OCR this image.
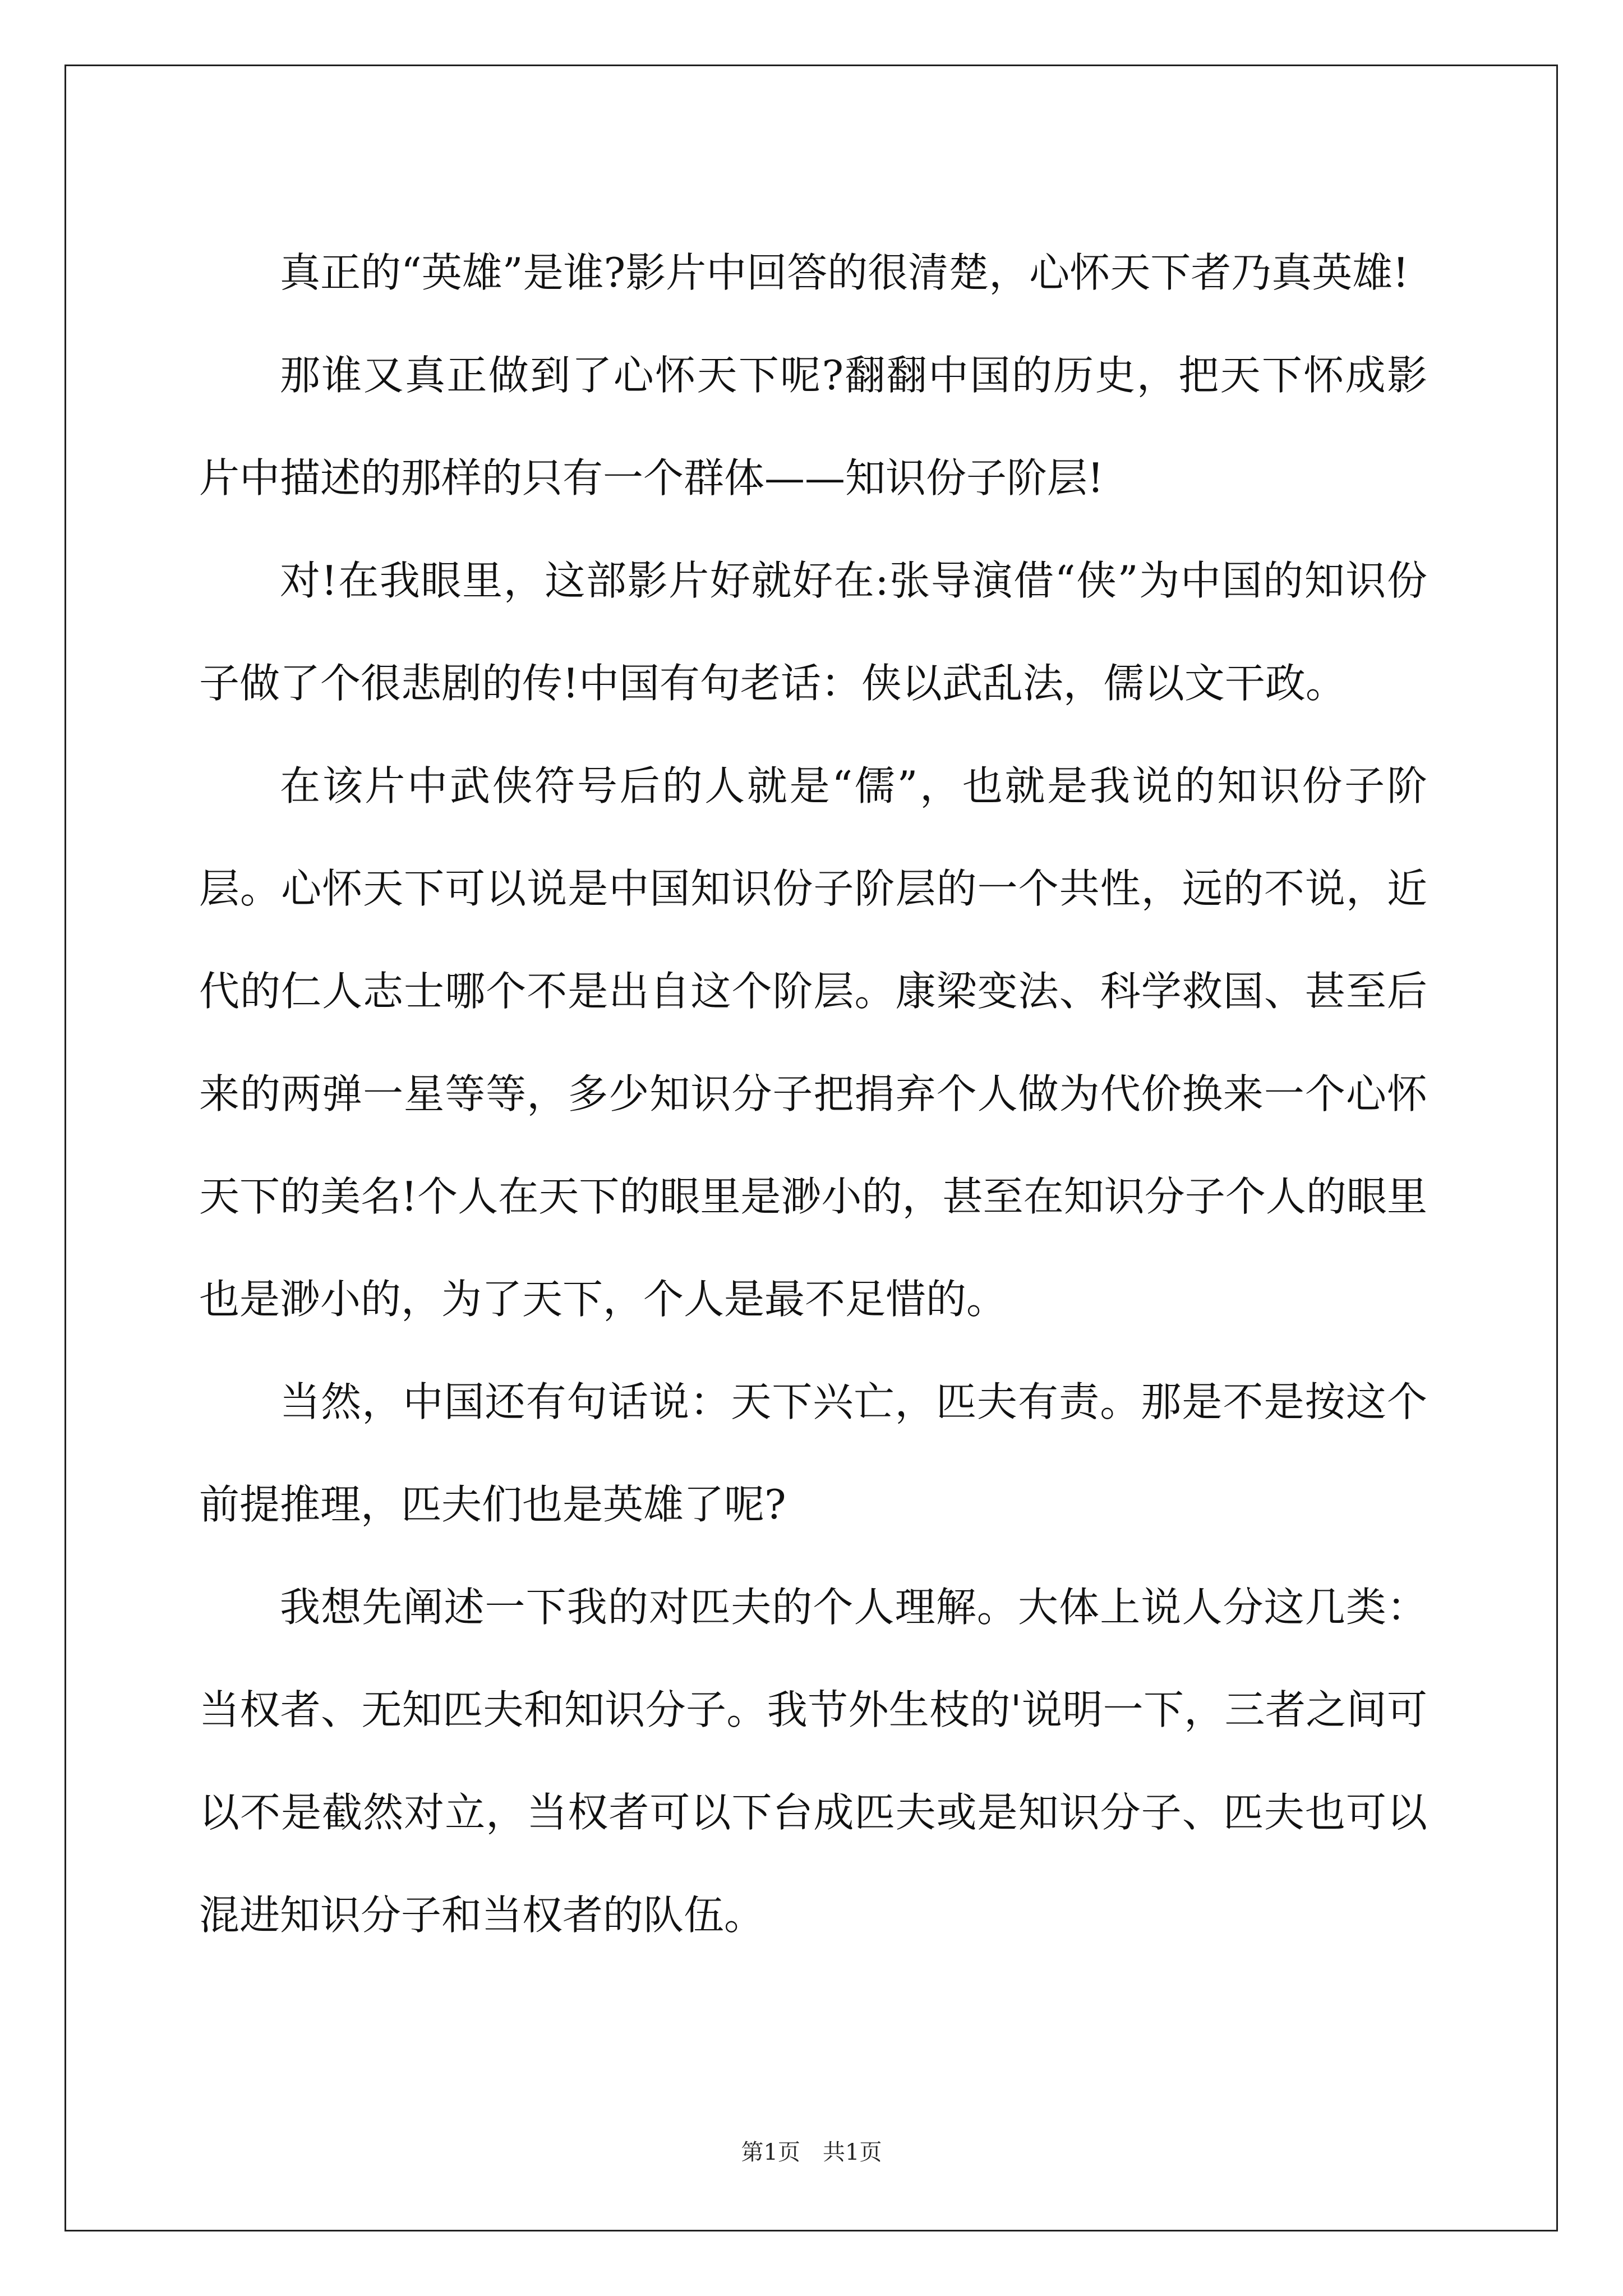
真正的“英雄”是谁?影片中回答的很清楚，心怀天下者乃真英雄!

那谁又真正做到了心怀天下呢?翻翻中国的历史，把天下怀成影片中描述的那样的只有一个群体——知识份子阶层!

对!在我眼里，这部影片好就好在:张导演借“侠”为中国的知识份子做了个很悲剧的传!中国有句老话：侠以武乱法，儒以文干政。

在该片中武侠符号后的人就是“儒”，也就是我说的知识份子阶层。心怀天下可以说是中国知识份子阶层的一个共性，远的不说，近代的仁人志士哪个不是出自这个阶层。康梁变法、科学救国、甚至后来的两弹一星等等，多少知识分子把捐弃个人做为代价换来一个心怀天下的美名!个人在天下的眼里是渺小的，甚至在知识分子个人的眼里也是渺小的，为了天下，个人是最不足惜的。

当然，中国还有句话说：天下兴亡，匹夫有责。那是不是按这个前提推理，匹夫们也是英雄了呢?

我想先阐述一下我的对匹夫的个人理解。大体上说人分这几类：当权者、无知匹夫和知识分子。我节外生枝的'说明一下，三者之间可以不是截然对立，当权者可以下台成匹夫或是知识分子、匹夫也可以混进知识分子和当权者的队伍。

第1页　共1页
